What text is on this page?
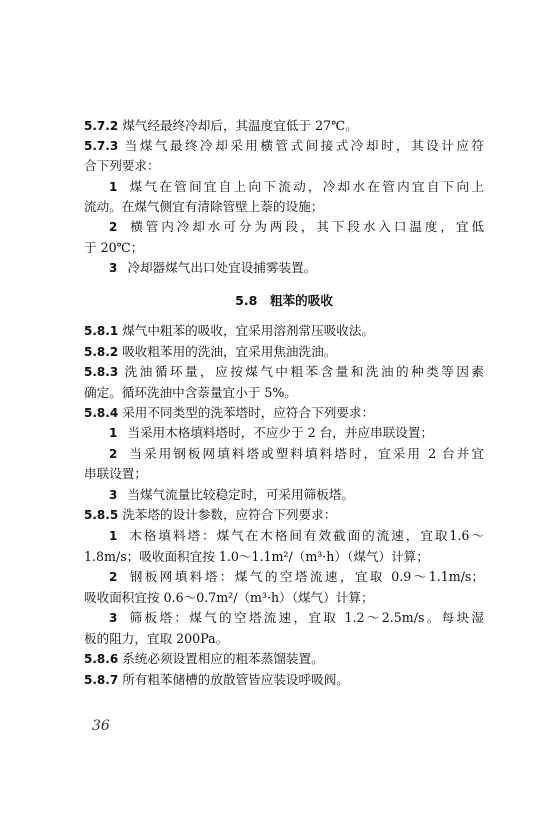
5.7.2 煤气经最终冷却后，其温度宜低于 27℃。
5.7.3 当煤气最终冷却采用横管式间接式冷却时，其设计应符
合下列要求：
1 煤气在管间宜自上向下流动，冷却水在管内宜自下向上
流动。在煤气侧宜有清除管壁上萘的设施；
2 横管内冷却水可分为两段，其下段水入口温度，宜低
于 20℃；
3 冷却器煤气出口处宜设捕雾装置。
5.8　粗苯的吸收
5.8.1 煤气中粗苯的吸收，宜采用溶剂常压吸收法。
5.8.2 吸收粗苯用的洗油，宜采用焦油洗油。
5.8.3 洗油循环量，应按煤气中粗苯含量和洗油的种类等因素
确定。循环洗油中含萘量宜小于 5%。
5.8.4 采用不同类型的洗苯塔时，应符合下列要求：
1 当采用木格填料塔时，不应少于 2 台，并应串联设置；
2 当采用钢板网填料塔或塑料填料塔时，宜采用 2 台并宜
串联设置；
3 当煤气流量比较稳定时，可采用筛板塔。
5.8.5 洗苯塔的设计参数，应符合下列要求：
1 木格填料塔：煤气在木格间有效截面的流速，宜取1.6～
1.8m/s；吸收面积宜按 1.0～1.1m²/（m³·h）（煤气）计算；
2 钢板网填料塔：煤气的空塔流速，宜取 0.9～1.1m/s；
吸收面积宜按 0.6～0.7m²/（m³·h）（煤气）计算；
3 筛板塔：煤气的空塔流速，宜取 1.2～2.5m/s。每块湿
板的阻力，宜取 200Pa。
5.8.6 系统必须设置相应的粗苯蒸馏装置。
5.8.7 所有粗苯储槽的放散管皆应装设呼吸阀。
36
